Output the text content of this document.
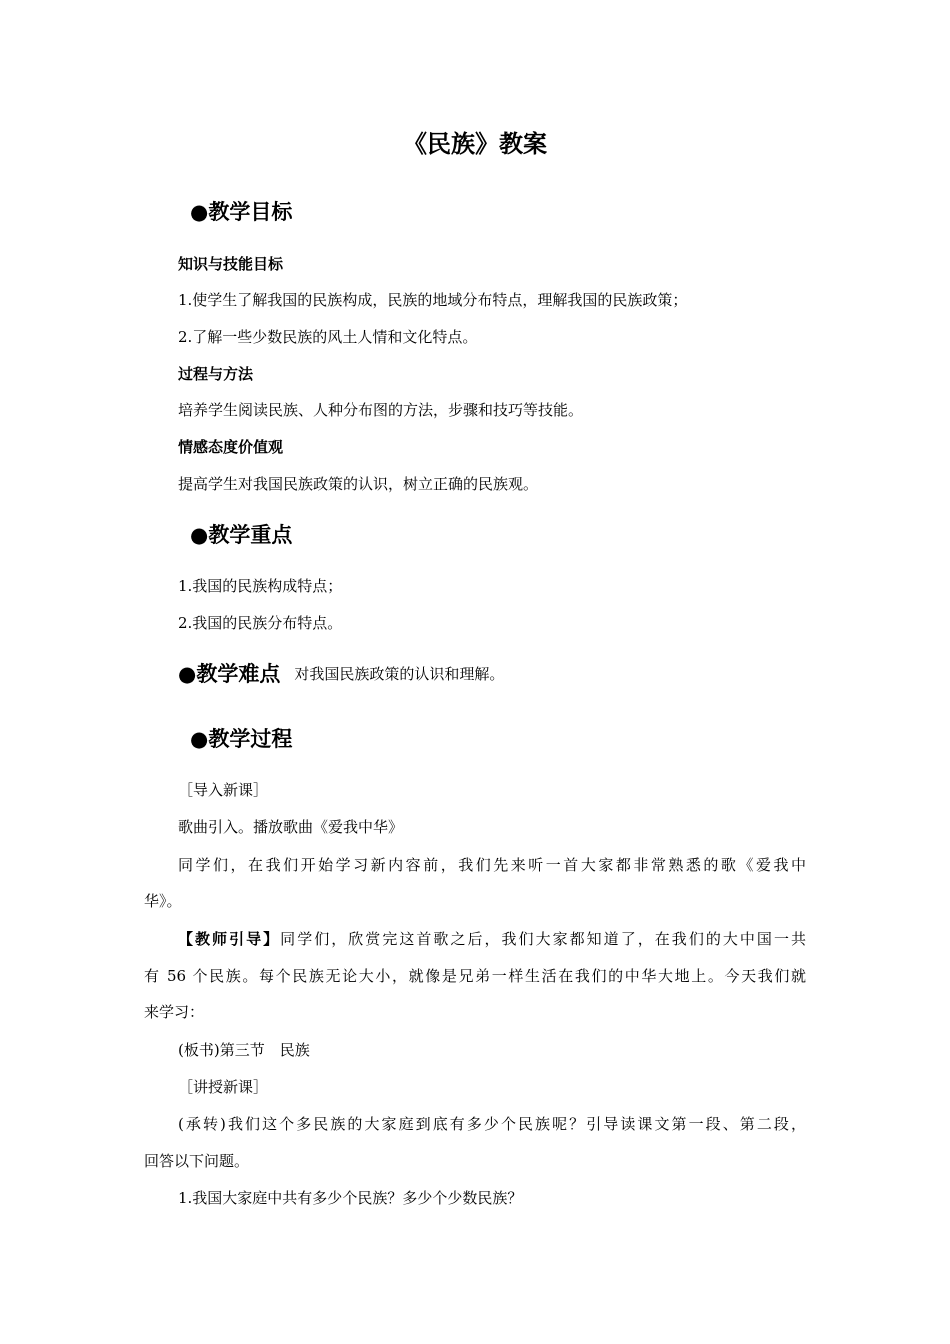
《民族》教案
●教学目标
知识与技能目标
1.使学生了解我国的民族构成，民族的地域分布特点，理解我国的民族政策；
2.了解一些少数民族的风土人情和文化特点。
过程与方法
培养学生阅读民族、人种分布图的方法，步骤和技巧等技能。
情感态度价值观
提高学生对我国民族政策的认识，树立正确的民族观。
●教学重点
1.我国的民族构成特点；
2.我国的民族分布特点。
●教学难点 对我国民族政策的认识和理解。
●教学过程
［导入新课］
歌曲引入。播放歌曲《爱我中华》
同学们，在我们开始学习新内容前，我们先来听一首大家都非常熟悉的歌《爱我中
华》。
【教师引导】同学们，欣赏完这首歌之后，我们大家都知道了，在我们的大中国一共
有 56 个民族。每个民族无论大小，就像是兄弟一样生活在我们的中华大地上。今天我们就
来学习：
(板书)第三节　民族
［讲授新课］
(承转)我们这个多民族的大家庭到底有多少个民族呢？引导读课文第一段、第二段，
回答以下问题。
1.我国大家庭中共有多少个民族？多少个少数民族？
